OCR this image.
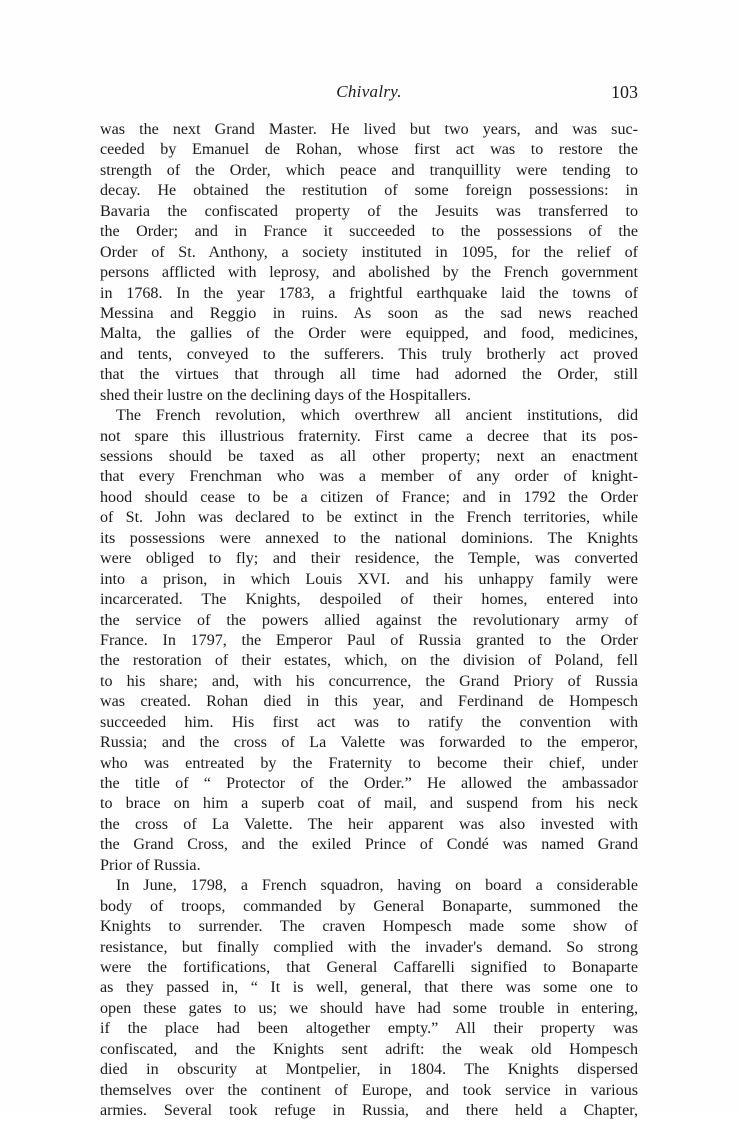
Chivalry.	103
was the next Grand Master. He lived but two years, and was suc-
ceeded by Emanuel de Rohan, whose first act was to restore the
strength of the Order, which peace and tranquillity were tending to
decay. He obtained the restitution of some foreign possessions: in
Bavaria the confiscated property of the Jesuits was transferred to
the Order; and in France it succeeded to the possessions of the
Order of St. Anthony, a society instituted in 1095, for the relief of
persons afflicted with leprosy, and abolished by the French government
in 1768. In the year 1783, a frightful earthquake laid the towns of
Messina and Reggio in ruins. As soon as the sad news reached
Malta, the gallies of the Order were equipped, and food, medicines,
and tents, conveyed to the sufferers. This truly brotherly act proved
that the virtues that through all time had adorned the Order, still
shed their lustre on the declining days of the Hospitallers.
The French revolution, which overthrew all ancient institutions, did
not spare this illustrious fraternity. First came a decree that its pos-
sessions should be taxed as all other property; next an enactment
that every Frenchman who was a member of any order of knight-
hood should cease to be a citizen of France; and in 1792 the Order
of St. John was declared to be extinct in the French territories, while
its possessions were annexed to the national dominions. The Knights
were obliged to fly; and their residence, the Temple, was converted
into a prison, in which Louis XVI. and his unhappy family were
incarcerated. The Knights, despoiled of their homes, entered into
the service of the powers allied against the revolutionary army of
France. In 1797, the Emperor Paul of Russia granted to the Order
the restoration of their estates, which, on the division of Poland, fell
to his share; and, with his concurrence, the Grand Priory of Russia
was created. Rohan died in this year, and Ferdinand de Hompesch
succeeded him. His first act was to ratify the convention with
Russia; and the cross of La Valette was forwarded to the emperor,
who was entreated by the Fraternity to become their chief, under
the title of “ Protector of the Order.” He allowed the ambassador
to brace on him a superb coat of mail, and suspend from his neck
the cross of La Valette. The heir apparent was also invested with
the Grand Cross, and the exiled Prince of Condé was named Grand
Prior of Russia.
In June, 1798, a French squadron, having on board a considerable
body of troops, commanded by General Bonaparte, summoned the
Knights to surrender. The craven Hompesch made some show of
resistance, but finally complied with the invader's demand. So strong
were the fortifications, that General Caffarelli signified to Bonaparte
as they passed in, “ It is well, general, that there was some one to
open these gates to us; we should have had some trouble in entering,
if the place had been altogether empty.” All their property was
confiscated, and the Knights sent adrift: the weak old Hompesch
died in obscurity at Montpelier, in 1804. The Knights dispersed
themselves over the continent of Europe, and took service in various
armies. Several took refuge in Russia, and there held a Chapter,
